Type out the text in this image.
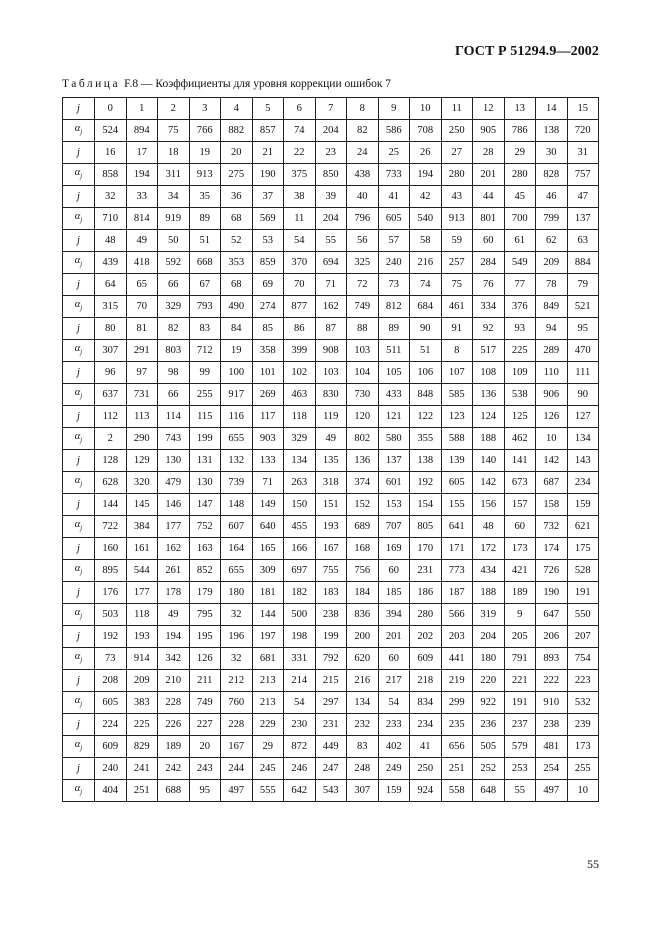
ГОСТ Р 51294.9—2002
Таблица F.8 — Коэффициенты для уровня коррекции ошибок 7
j	0	1	2	3	4	5	6	7	8	9	10	11	12	13	14	15
$\alpha_j$	524	894	75	766	882	857	74	204	82	586	708	250	905	786	138	720
j	16	17	18	19	20	21	22	23	24	25	26	27	28	29	30	31
$\alpha_j$	858	194	311	913	275	190	375	850	438	733	194	280	201	280	828	757
j	32	33	34	35	36	37	38	39	40	41	42	43	44	45	46	47
$\alpha_j$	710	814	919	89	68	569	11	204	796	605	540	913	801	700	799	137
j	48	49	50	51	52	53	54	55	56	57	58	59	60	61	62	63
$\alpha_j$	439	418	592	668	353	859	370	694	325	240	216	257	284	549	209	884
j	64	65	66	67	68	69	70	71	72	73	74	75	76	77	78	79
$\alpha_j$	315	70	329	793	490	274	877	162	749	812	684	461	334	376	849	521
j	80	81	82	83	84	85	86	87	88	89	90	91	92	93	94	95
$\alpha_j$	307	291	803	712	19	358	399	908	103	511	51	8	517	225	289	470
j	96	97	98	99	100	101	102	103	104	105	106	107	108	109	110	111
$\alpha_j$	637	731	66	255	917	269	463	830	730	433	848	585	136	538	906	90
j	112	113	114	115	116	117	118	119	120	121	122	123	124	125	126	127
$\alpha_j$	2	290	743	199	655	903	329	49	802	580	355	588	188	462	10	134
j	128	129	130	131	132	133	134	135	136	137	138	139	140	141	142	143
$\alpha_j$	628	320	479	130	739	71	263	318	374	601	192	605	142	673	687	234
j	144	145	146	147	148	149	150	151	152	153	154	155	156	157	158	159
$\alpha_j$	722	384	177	752	607	640	455	193	689	707	805	641	48	60	732	621
j	160	161	162	163	164	165	166	167	168	169	170	171	172	173	174	175
$\alpha_j$	895	544	261	852	655	309	697	755	756	60	231	773	434	421	726	528
j	176	177	178	179	180	181	182	183	184	185	186	187	188	189	190	191
$\alpha_j$	503	118	49	795	32	144	500	238	836	394	280	566	319	9	647	550
j	192	193	194	195	196	197	198	199	200	201	202	203	204	205	206	207
$\alpha_j$	73	914	342	126	32	681	331	792	620	60	609	441	180	791	893	754
j	208	209	210	211	212	213	214	215	216	217	218	219	220	221	222	223
$\alpha_j$	605	383	228	749	760	213	54	297	134	54	834	299	922	191	910	532
j	224	225	226	227	228	229	230	231	232	233	234	235	236	237	238	239
$\alpha_j$	609	829	189	20	167	29	872	449	83	402	41	656	505	579	481	173
j	240	241	242	243	244	245	246	247	248	249	250	251	252	253	254	255
$\alpha_j$	404	251	688	95	497	555	642	543	307	159	924	558	648	55	497	10
55
